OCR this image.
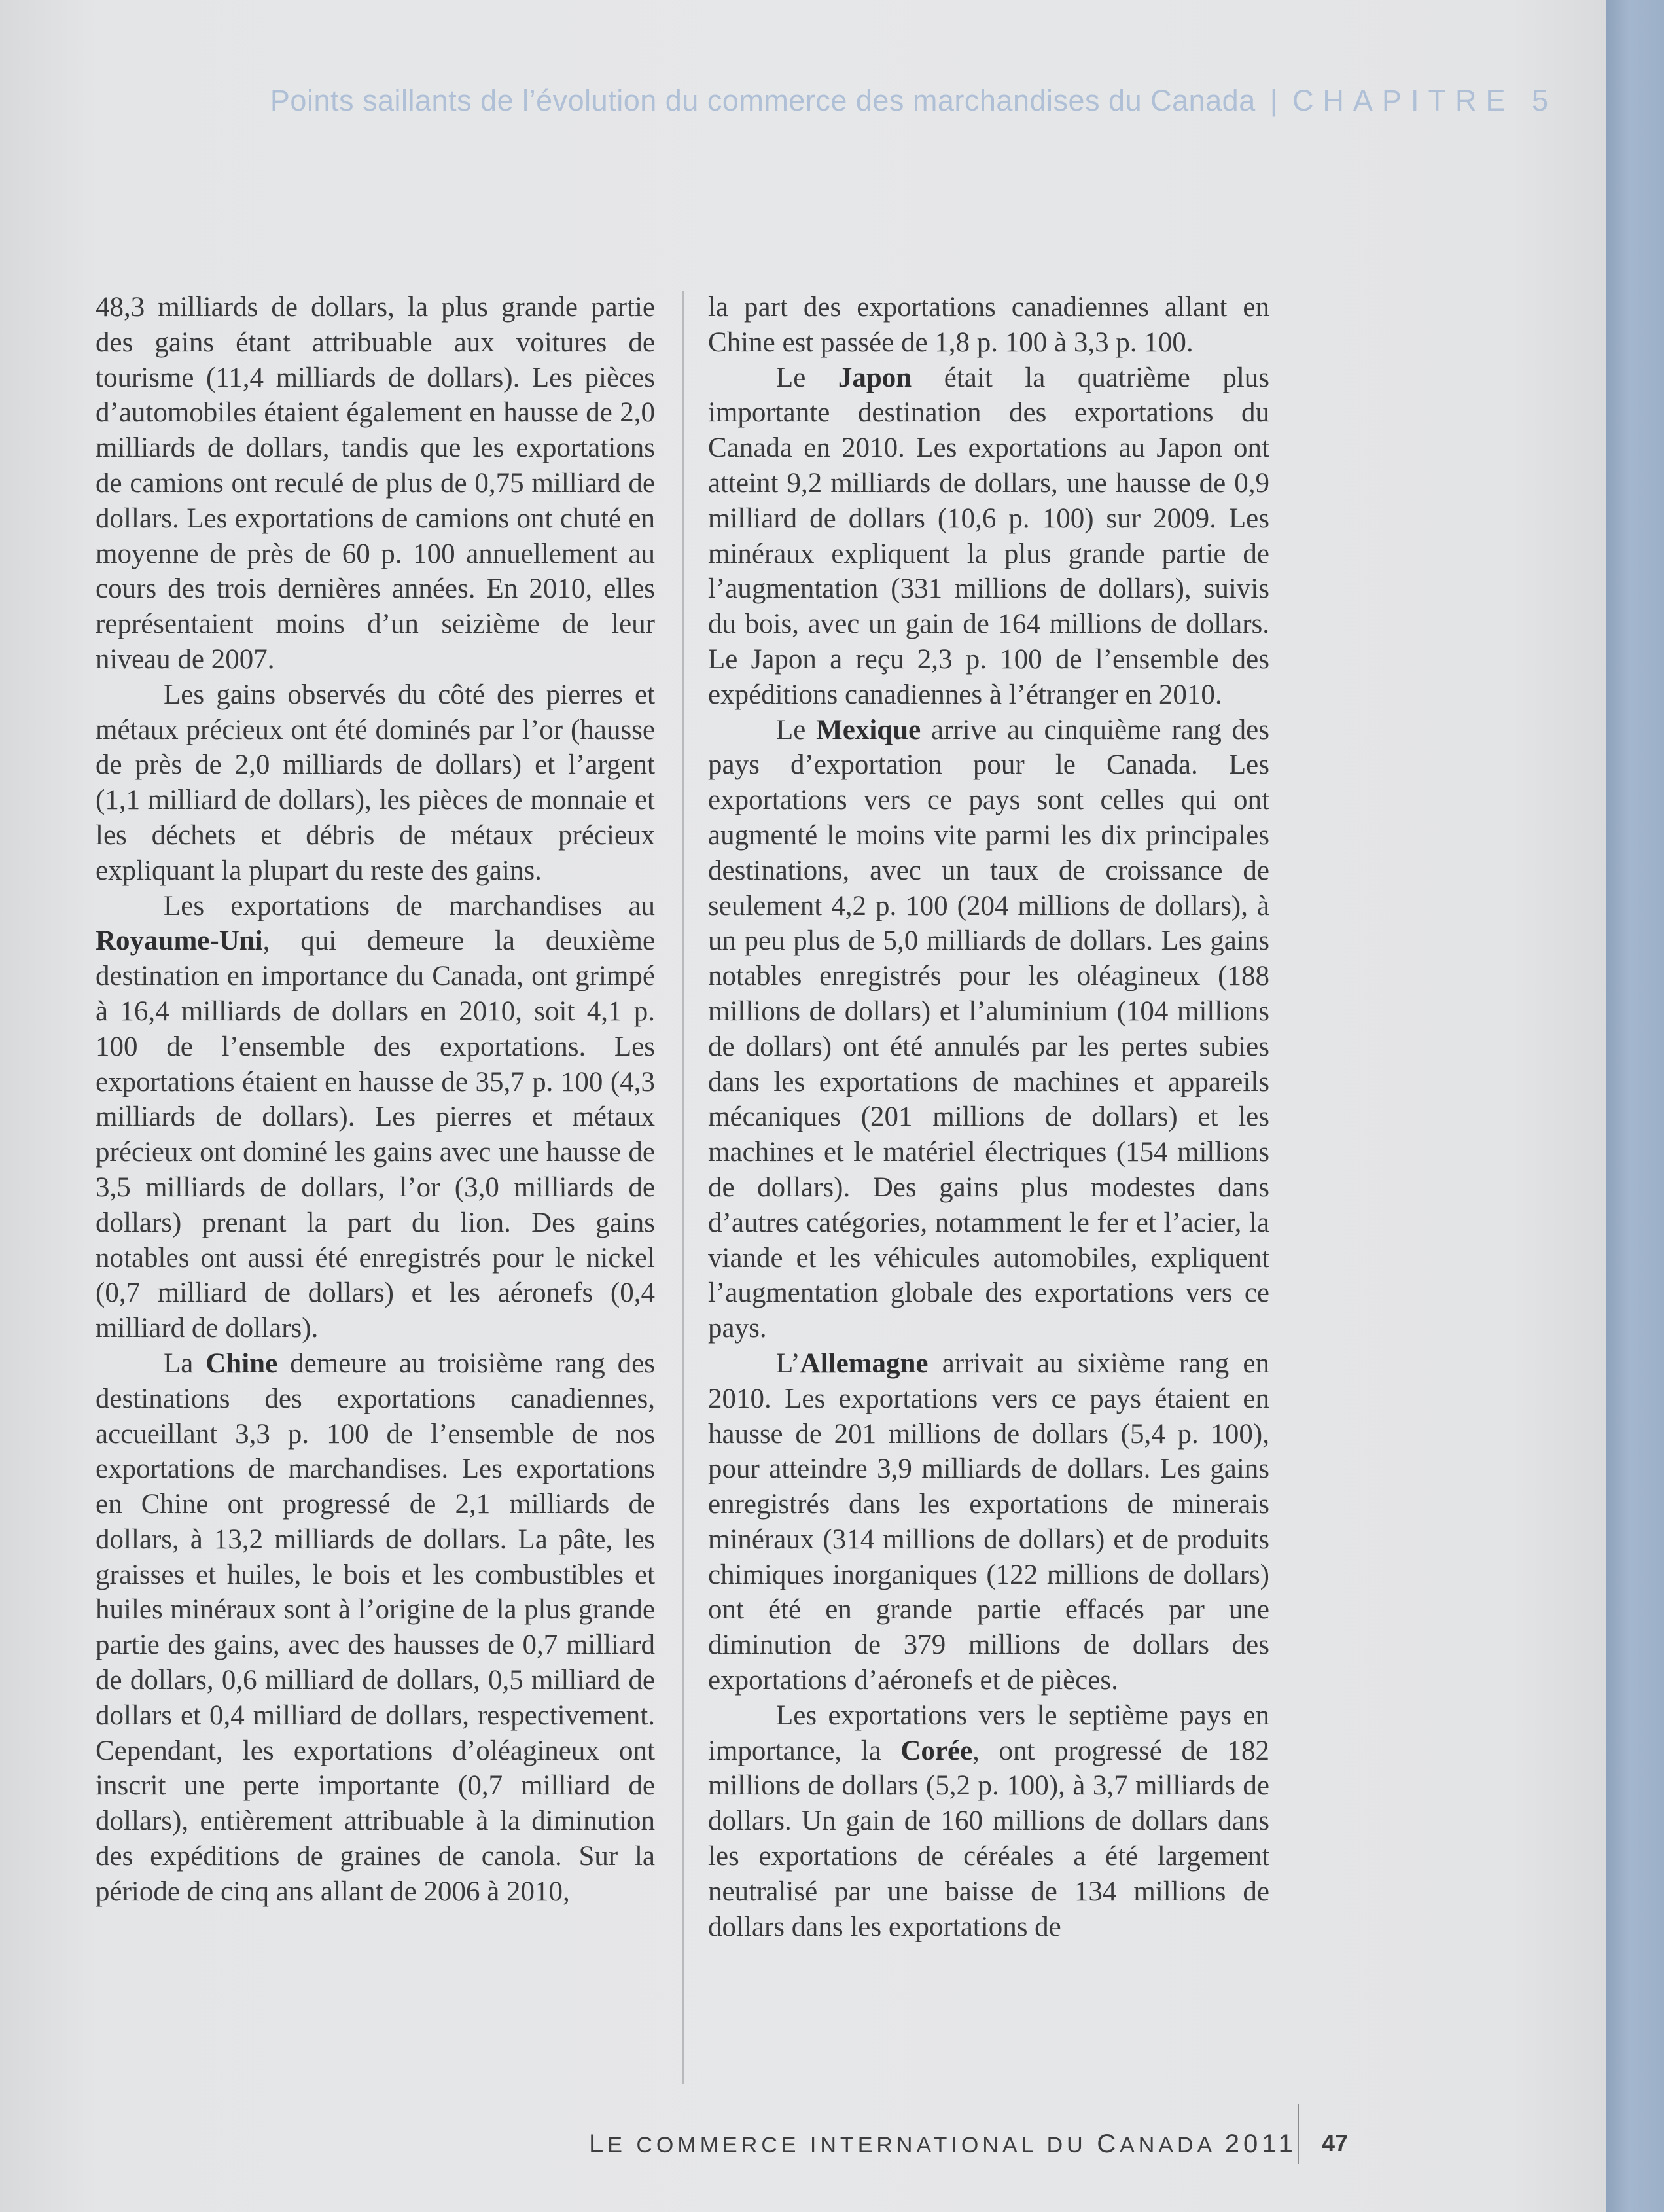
Points saillants de l’évolution du commerce des marchandises du Canada | CHAPITRE 5

48,3 milliards de dollars, la plus grande partie des gains étant attribuable aux voitures de tourisme (11,4 milliards de dollars). Les pièces d’automobiles étaient également en hausse de 2,0 milliards de dollars, tandis que les exportations de camions ont reculé de plus de 0,75 milliard de dollars. Les exportations de camions ont chuté en moyenne de près de 60 p. 100 annuellement au cours des trois dernières années. En 2010, elles représentaient moins d’un seizième de leur niveau de 2007.

Les gains observés du côté des pierres et métaux précieux ont été dominés par l’or (hausse de près de 2,0 milliards de dollars) et l’argent (1,1 milliard de dollars), les pièces de monnaie et les déchets et débris de métaux précieux expliquant la plupart du reste des gains.

Les exportations de marchandises au Royaume-Uni, qui demeure la deuxième destination en importance du Canada, ont grimpé à 16,4 milliards de dollars en 2010, soit 4,1 p. 100 de l’ensemble des exportations. Les exportations étaient en hausse de 35,7 p. 100 (4,3 milliards de dollars). Les pierres et métaux précieux ont dominé les gains avec une hausse de 3,5 milliards de dollars, l’or (3,0 milliards de dollars) prenant la part du lion. Des gains notables ont aussi été enregistrés pour le nickel (0,7 milliard de dollars) et les aéronefs (0,4 milliard de dollars).

La Chine demeure au troisième rang des destinations des exportations canadiennes, accueillant 3,3 p. 100 de l’ensemble de nos exportations de marchandises. Les exportations en Chine ont progressé de 2,1 milliards de dollars, à 13,2 milliards de dollars. La pâte, les graisses et huiles, le bois et les combustibles et huiles minéraux sont à l’origine de la plus grande partie des gains, avec des hausses de 0,7 milliard de dollars, 0,6 milliard de dollars, 0,5 milliard de dollars et 0,4 milliard de dollars, respectivement. Cependant, les exportations d’oléagineux ont inscrit une perte importante (0,7 milliard de dollars), entièrement attribuable à la diminution des expéditions de graines de canola. Sur la période de cinq ans allant de 2006 à 2010,

la part des exportations canadiennes allant en Chine est passée de 1,8 p. 100 à 3,3 p. 100.

Le Japon était la quatrième plus importante destination des exportations du Canada en 2010. Les exportations au Japon ont atteint 9,2 milliards de dollars, une hausse de 0,9 milliard de dollars (10,6 p. 100) sur 2009. Les minéraux expliquent la plus grande partie de l’augmentation (331 millions de dollars), suivis du bois, avec un gain de 164 millions de dollars. Le Japon a reçu 2,3 p. 100 de l’ensemble des expéditions canadiennes à l’étranger en 2010.

Le Mexique arrive au cinquième rang des pays d’exportation pour le Canada. Les exportations vers ce pays sont celles qui ont augmenté le moins vite parmi les dix principales destinations, avec un taux de croissance de seulement 4,2 p. 100 (204 millions de dollars), à un peu plus de 5,0 milliards de dollars. Les gains notables enregistrés pour les oléagineux (188 millions de dollars) et l’aluminium (104 millions de dollars) ont été annulés par les pertes subies dans les exportations de machines et appareils mécaniques (201 millions de dollars) et les machines et le matériel électriques (154 millions de dollars). Des gains plus modestes dans d’autres catégories, notamment le fer et l’acier, la viande et les véhicules automobiles, expliquent l’augmentation globale des exportations vers ce pays.

L’Allemagne arrivait au sixième rang en 2010. Les exportations vers ce pays étaient en hausse de 201 millions de dollars (5,4 p. 100), pour atteindre 3,9 milliards de dollars. Les gains enregistrés dans les exportations de minerais minéraux (314 millions de dollars) et de produits chimiques inorganiques (122 millions de dollars) ont été en grande partie effacés par une diminution de 379 millions de dollars des exportations d’aéronefs et de pièces.

Les exportations vers le septième pays en importance, la Corée, ont progressé de 182 millions de dollars (5,2 p. 100), à 3,7 milliards de dollars. Un gain de 160 millions de dollars dans les exportations de céréales a été largement neutralisé par une baisse de 134 millions de dollars dans les exportations de

LE COMMERCE INTERNATIONAL DU CANADA 2011 47
